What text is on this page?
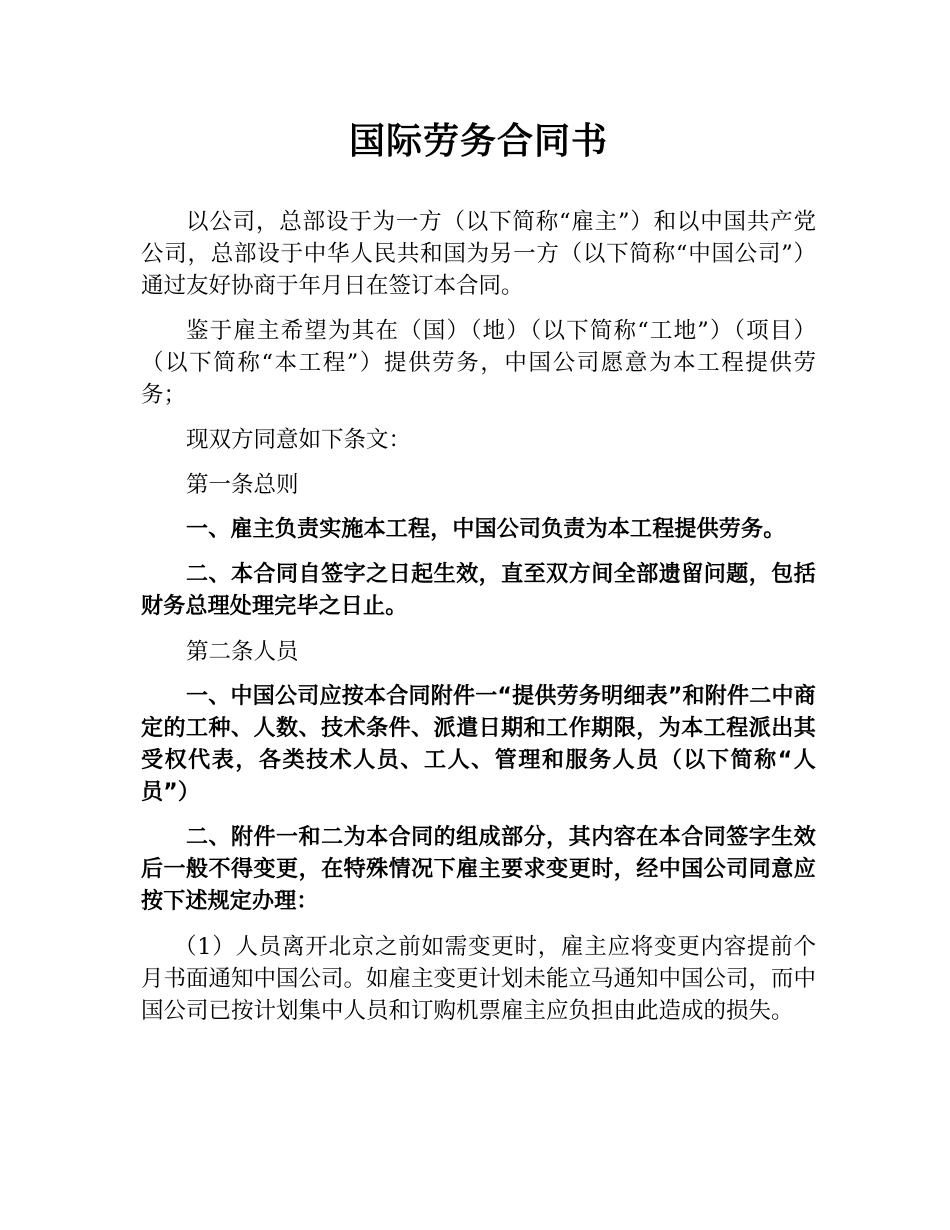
国际劳务合同书

以公司，总部设于为一方（以下简称“雇主”）和以中国共产党公司，总部设于中华人民共和国为另一方（以下简称“中国公司”）通过友好协商于年月日在签订本合同。

鉴于雇主希望为其在（国）（地）（以下简称“工地”）（项目）（以下简称“本工程”）提供劳务，中国公司愿意为本工程提供劳务；

现双方同意如下条文：

第一条总则

一、雇主负责实施本工程，中国公司负责为本工程提供劳务。

二、本合同自签字之日起生效，直至双方间全部遗留问题，包括财务总理处理完毕之日止。

第二条人员

一、中国公司应按本合同附件一“提供劳务明细表”和附件二中商定的工种、人数、技术条件、派遣日期和工作期限，为本工程派出其受权代表，各类技术人员、工人、管理和服务人员（以下简称“人员”）

二、附件一和二为本合同的组成部分，其内容在本合同签字生效后一般不得变更，在特殊情况下雇主要求变更时，经中国公司同意应按下述规定办理：

（1）人员离开北京之前如需变更时，雇主应将变更内容提前个月书面通知中国公司。如雇主变更计划未能立马通知中国公司，而中国公司已按计划集中人员和订购机票雇主应负担由此造成的损失。
